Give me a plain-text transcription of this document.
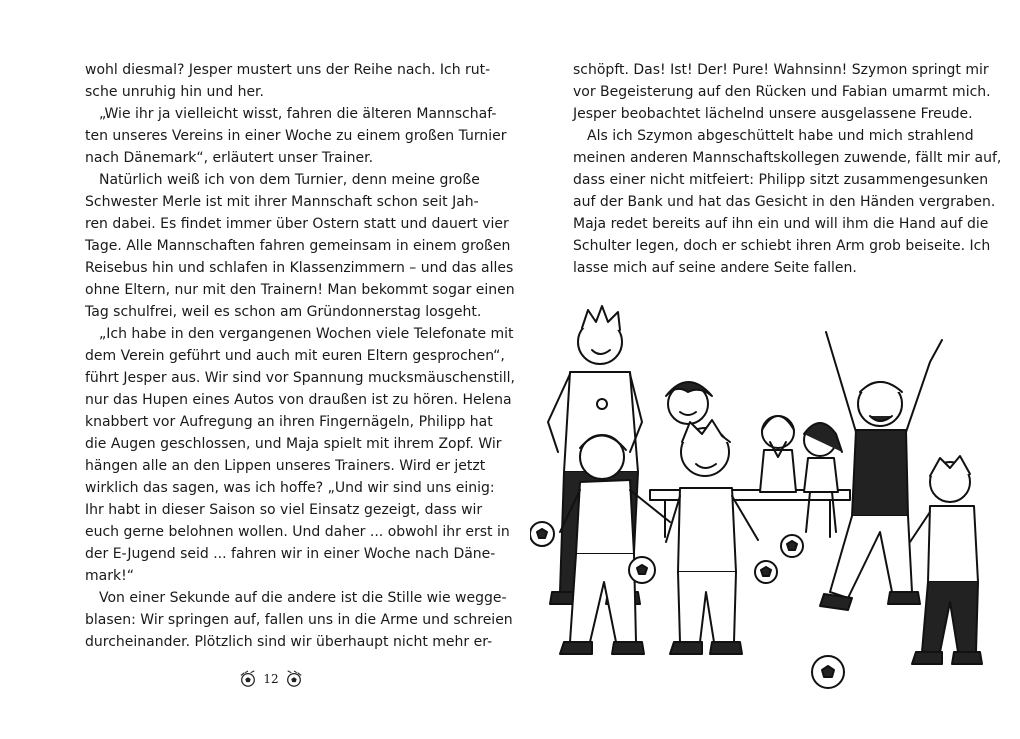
wohl diesmal? Jesper mustert uns der Reihe nach. Ich rut-
sche unruhig hin und her.
„Wie ihr ja vielleicht wisst, fahren die älteren Mannschaf-
ten unseres Vereins in einer Woche zu einem großen Turnier
nach Dänemark“, erläutert unser Trainer.
Natürlich weiß ich von dem Turnier, denn meine große
Schwester Merle ist mit ihrer Mannschaft schon seit Jah-
ren dabei. Es findet immer über Ostern statt und dauert vier
Tage. Alle Mannschaften fahren gemeinsam in einem großen
Reisebus hin und schlafen in Klassenzimmern – und das alles
ohne Eltern, nur mit den Trainern! Man bekommt sogar einen
Tag schulfrei, weil es schon am Gründonnerstag losgeht.
„Ich habe in den vergangenen Wochen viele Telefonate mit
dem Verein geführt und auch mit euren Eltern gesprochen“,
führt Jesper aus. Wir sind vor Spannung mucksmäuschenstill,
nur das Hupen eines Autos von draußen ist zu hören. Helena
knabbert vor Aufregung an ihren Fingernägeln, Philipp hat
die Augen geschlossen, und Maja spielt mit ihrem Zopf. Wir
hängen alle an den Lippen unseres Trainers. Wird er jetzt
wirklich das sagen, was ich hoffe? „Und wir sind uns einig:
Ihr habt in dieser Saison so viel Einsatz gezeigt, dass wir
euch gerne belohnen wollen. Und daher ... obwohl ihr erst in
der E-Jugend seid ... fahren wir in einer Woche nach Däne-
mark!“
Von einer Sekunde auf die andere ist die Stille wie wegge-
blasen: Wir springen auf, fallen uns in die Arme und schreien
durcheinander. Plötzlich sind wir überhaupt nicht mehr er-
12
schöpft. Das! Ist! Der! Pure! Wahnsinn! Szymon springt mir
vor Begeisterung auf den Rücken und Fabian umarmt mich.
Jesper beobachtet lächelnd unsere ausgelassene Freude.
Als ich Szymon abgeschüttelt habe und mich strahlend
meinen anderen Mannschaftskollegen zuwende, fällt mir auf,
dass einer nicht mitfeiert: Philipp sitzt zusammengesunken
auf der Bank und hat das Gesicht in den Händen vergraben.
Maja redet bereits auf ihn ein und will ihm die Hand auf die
Schulter legen, doch er schiebt ihren Arm grob beiseite. Ich
lasse mich auf seine andere Seite fallen.
